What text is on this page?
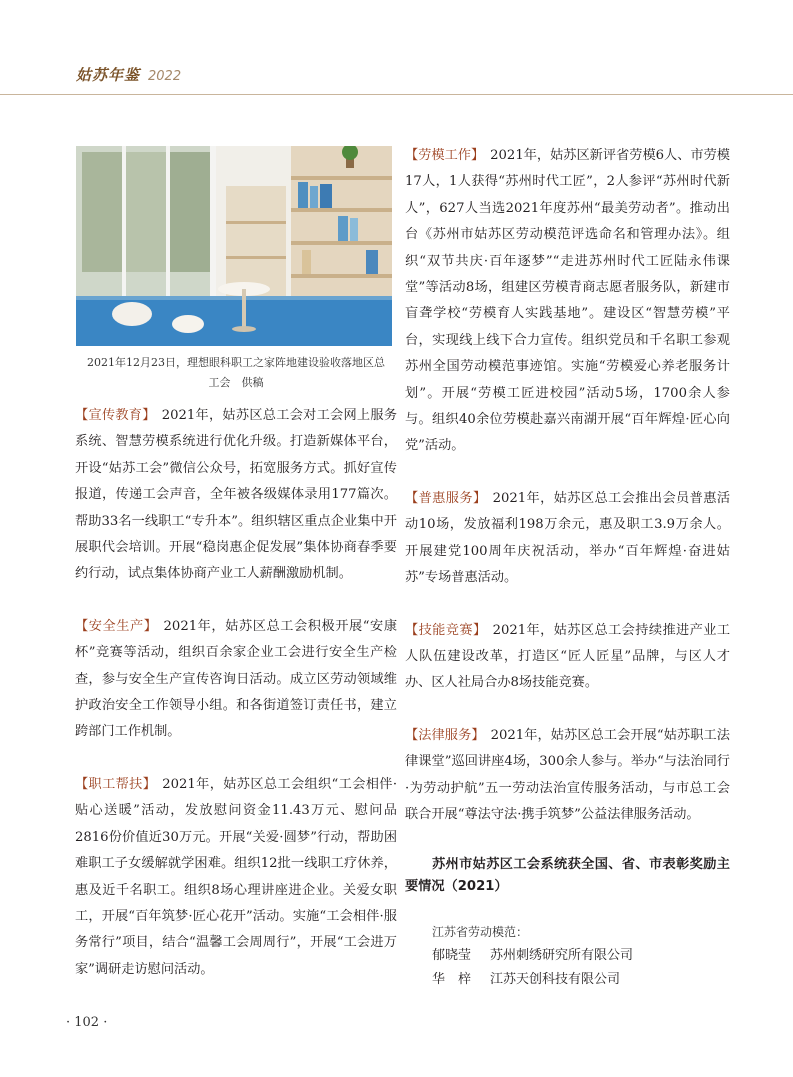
姑苏年鉴 2022
2021年12月23日，理想眼科职工之家阵地建设验收落地区总工会　供稿

【宣传教育】 2021年，姑苏区总工会对工会网上服务系统、智慧劳模系统进行优化升级。打造新媒体平台，开设“姑苏工会”微信公众号，拓宽服务方式。抓好宣传报道，传递工会声音，全年被各级媒体录用177篇次。帮助33名一线职工“专升本”。组织辖区重点企业集中开展职代会培训。开展“稳岗惠企促发展”集体协商春季要约行动，试点集体协商产业工人薪酬激励机制。

【安全生产】 2021年，姑苏区总工会积极开展“安康杯”竞赛等活动，组织百余家企业工会进行安全生产检查，参与安全生产宣传咨询日活动。成立区劳动领域维护政治安全工作领导小组。和各街道签订责任书，建立跨部门工作机制。

【职工帮扶】 2021年，姑苏区总工会组织“工会相伴·贴心送暖”活动，发放慰问资金11.43万元、慰问品2816份价值近30万元。开展“关爱·圆梦”行动，帮助困难职工子女缓解就学困难。组织12批一线职工疗休养，惠及近千名职工。组织8场心理讲座进企业。关爱女职工，开展“百年筑梦·匠心花开”活动。实施“工会相伴·服务常行”项目，结合“温馨工会周周行”，开展“工会进万家”调研走访慰问活动。

【劳模工作】 2021年，姑苏区新评省劳模6人、市劳模17人，1人获得“苏州时代工匠”，2人参评“苏州时代新人”，627人当选2021年度苏州“最美劳动者”。推动出台《苏州市姑苏区劳动模范评选命名和管理办法》。组织“双节共庆·百年逐梦”“走进苏州时代工匠陆永伟课堂”等活动8场，组建区劳模青商志愿者服务队，新建市盲聋学校“劳模育人实践基地”。建设区“智慧劳模”平台，实现线上线下合力宣传。组织党员和千名职工参观苏州全国劳动模范事迹馆。实施“劳模爱心养老服务计划”。开展“劳模工匠进校园”活动5场，1700余人参与。组织40余位劳模赴嘉兴南湖开展“百年辉煌·匠心向党”活动。

【普惠服务】 2021年，姑苏区总工会推出会员普惠活动10场，发放福利198万余元，惠及职工3.9万余人。开展建党100周年庆祝活动，举办“百年辉煌·奋进姑苏”专场普惠活动。

【技能竞赛】 2021年，姑苏区总工会持续推进产业工人队伍建设改革，打造区“匠人匠星”品牌，与区人才办、区人社局合办8场技能竞赛。

【法律服务】 2021年，姑苏区总工会开展“姑苏职工法律课堂”巡回讲座4场，300余人参与。举办“与法治同行·为劳动护航”五一劳动法治宣传服务活动，与市总工会联合开展“尊法守法·携手筑梦”公益法律服务活动。

苏州市姑苏区工会系统获全国、省、市表彰奖励主要情况（2021）
江苏省劳动模范：
郁晓莹	苏州刺绣研究所有限公司
华　梓	江苏天创科技有限公司
· 102 ·
